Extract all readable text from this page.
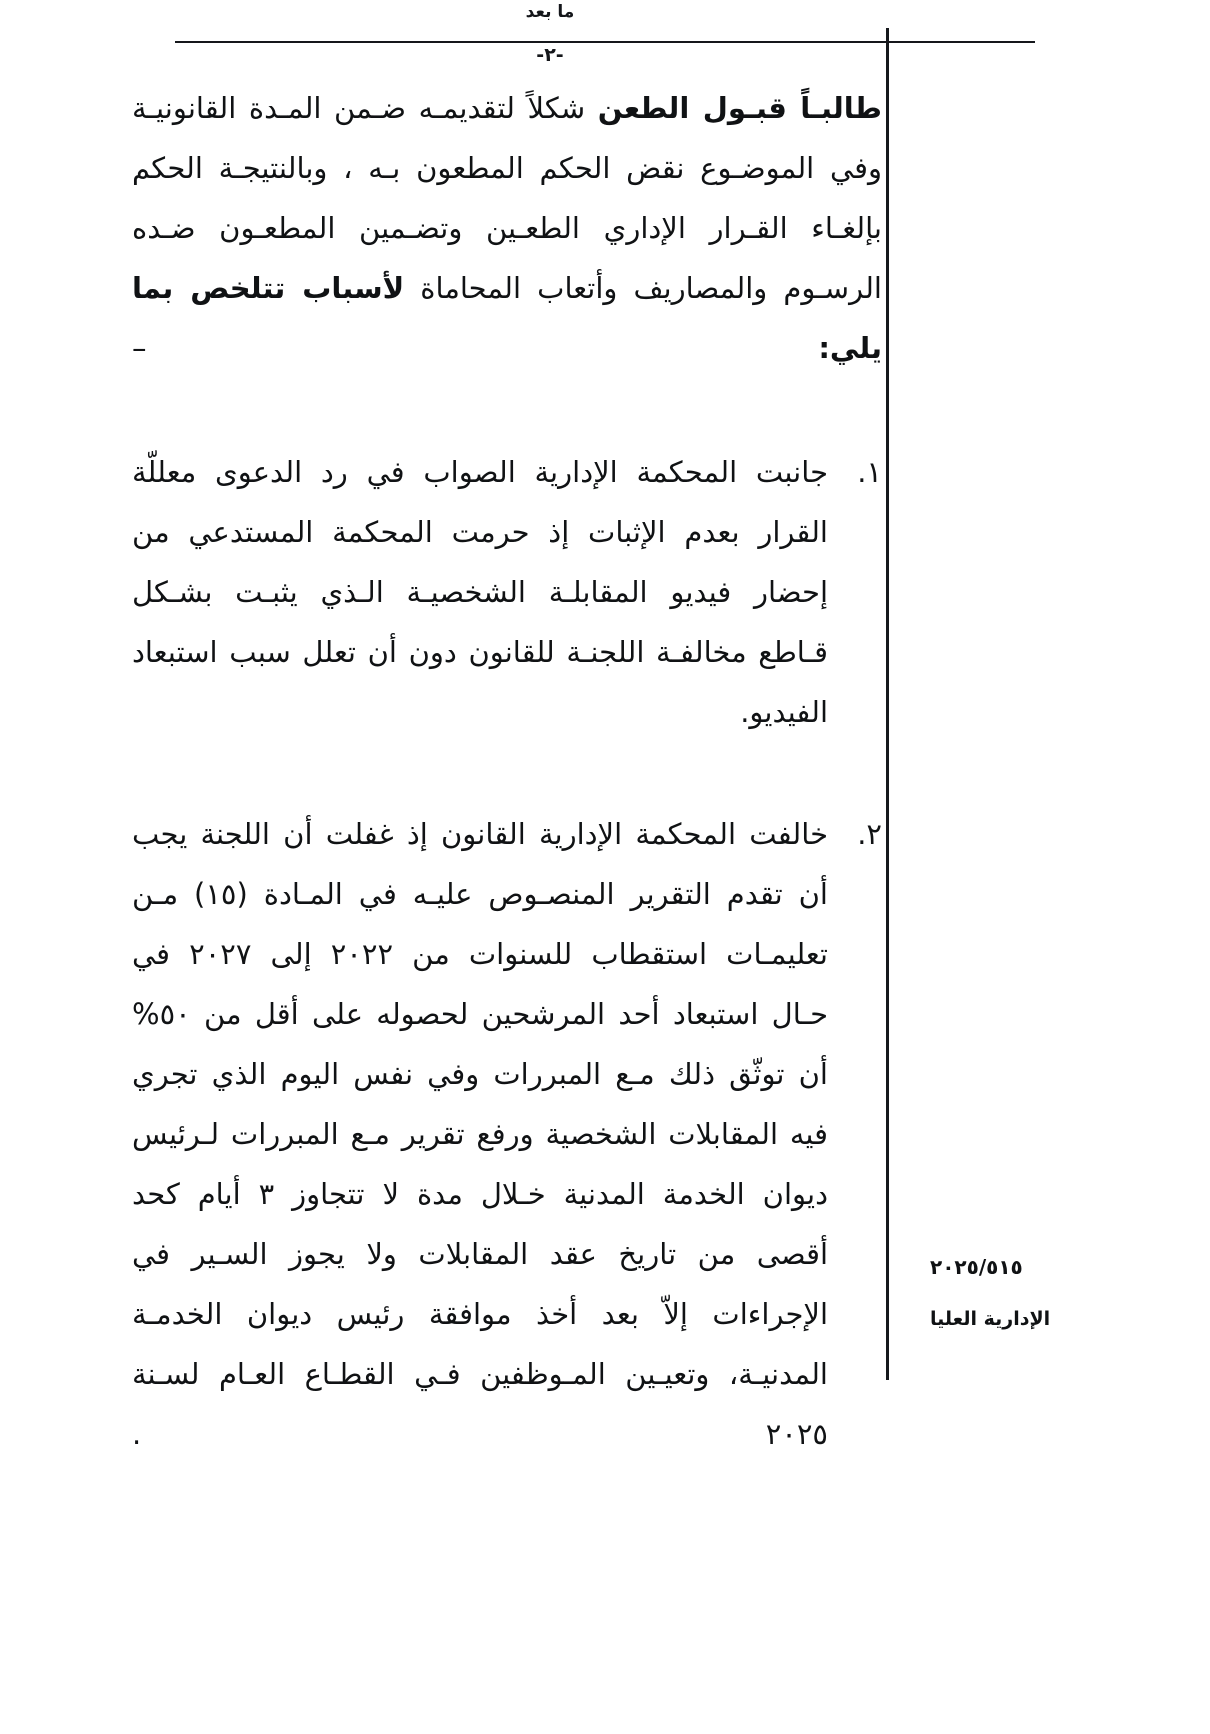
ما بعد
-٢-

طالبـاً قبـول الطعن شكلاً لتقديمـه ضـمن المـدة القانونيـة وفي الموضـوع نقض الحكم المطعون بـه ، وبالنتيجـة الحكم بإلغـاء القـرار الإداري الطعـين وتضـمين المطعـون ضـده الرسـوم والمصاريف وأتعاب المحاماة لأسباب تتلخص بما يلي: –

١.
جانبت المحكمة الإدارية الصواب في رد الدعوى معللّة القرار بعدم الإثبات إذ حرمت المحكمة المستدعي من إحضار فيديو المقابلـة الشخصيـة الـذي يثبـت بشـكل قـاطع مخالفـة اللجنـة للقانون دون أن تعلل سبب استبعاد الفيديو.
٢.
خالفت المحكمة الإدارية القانون إذ غفلت أن اللجنة يجب أن تقدم التقرير المنصـوص عليـه في المـادة (١٥) مـن تعليمـات استقطاب للسنوات من ٢٠٢٢ إلى ٢٠٢٧ في حـال استبعاد أحد المرشحين لحصوله على أقل من ٥٠% أن توثّق ذلك مـع المبررات وفي نفس اليوم الذي تجري فيه المقابلات الشخصية ورفع تقرير مـع المبررات لـرئيس ديوان الخدمة المدنية خـلال مدة لا تتجاوز ٣ أيام كحد أقصى من تاريخ عقد المقابلات ولا يجوز السـير في الإجراءات إلاّ بعد أخذ موافقة رئيس ديوان الخدمـة المدنيـة، وتعيـين المـوظفين فـي القطـاع العـام لسـنة ٢٠٢٥ .
٢٠٢٥/٥١٥
الإدارية العليا
